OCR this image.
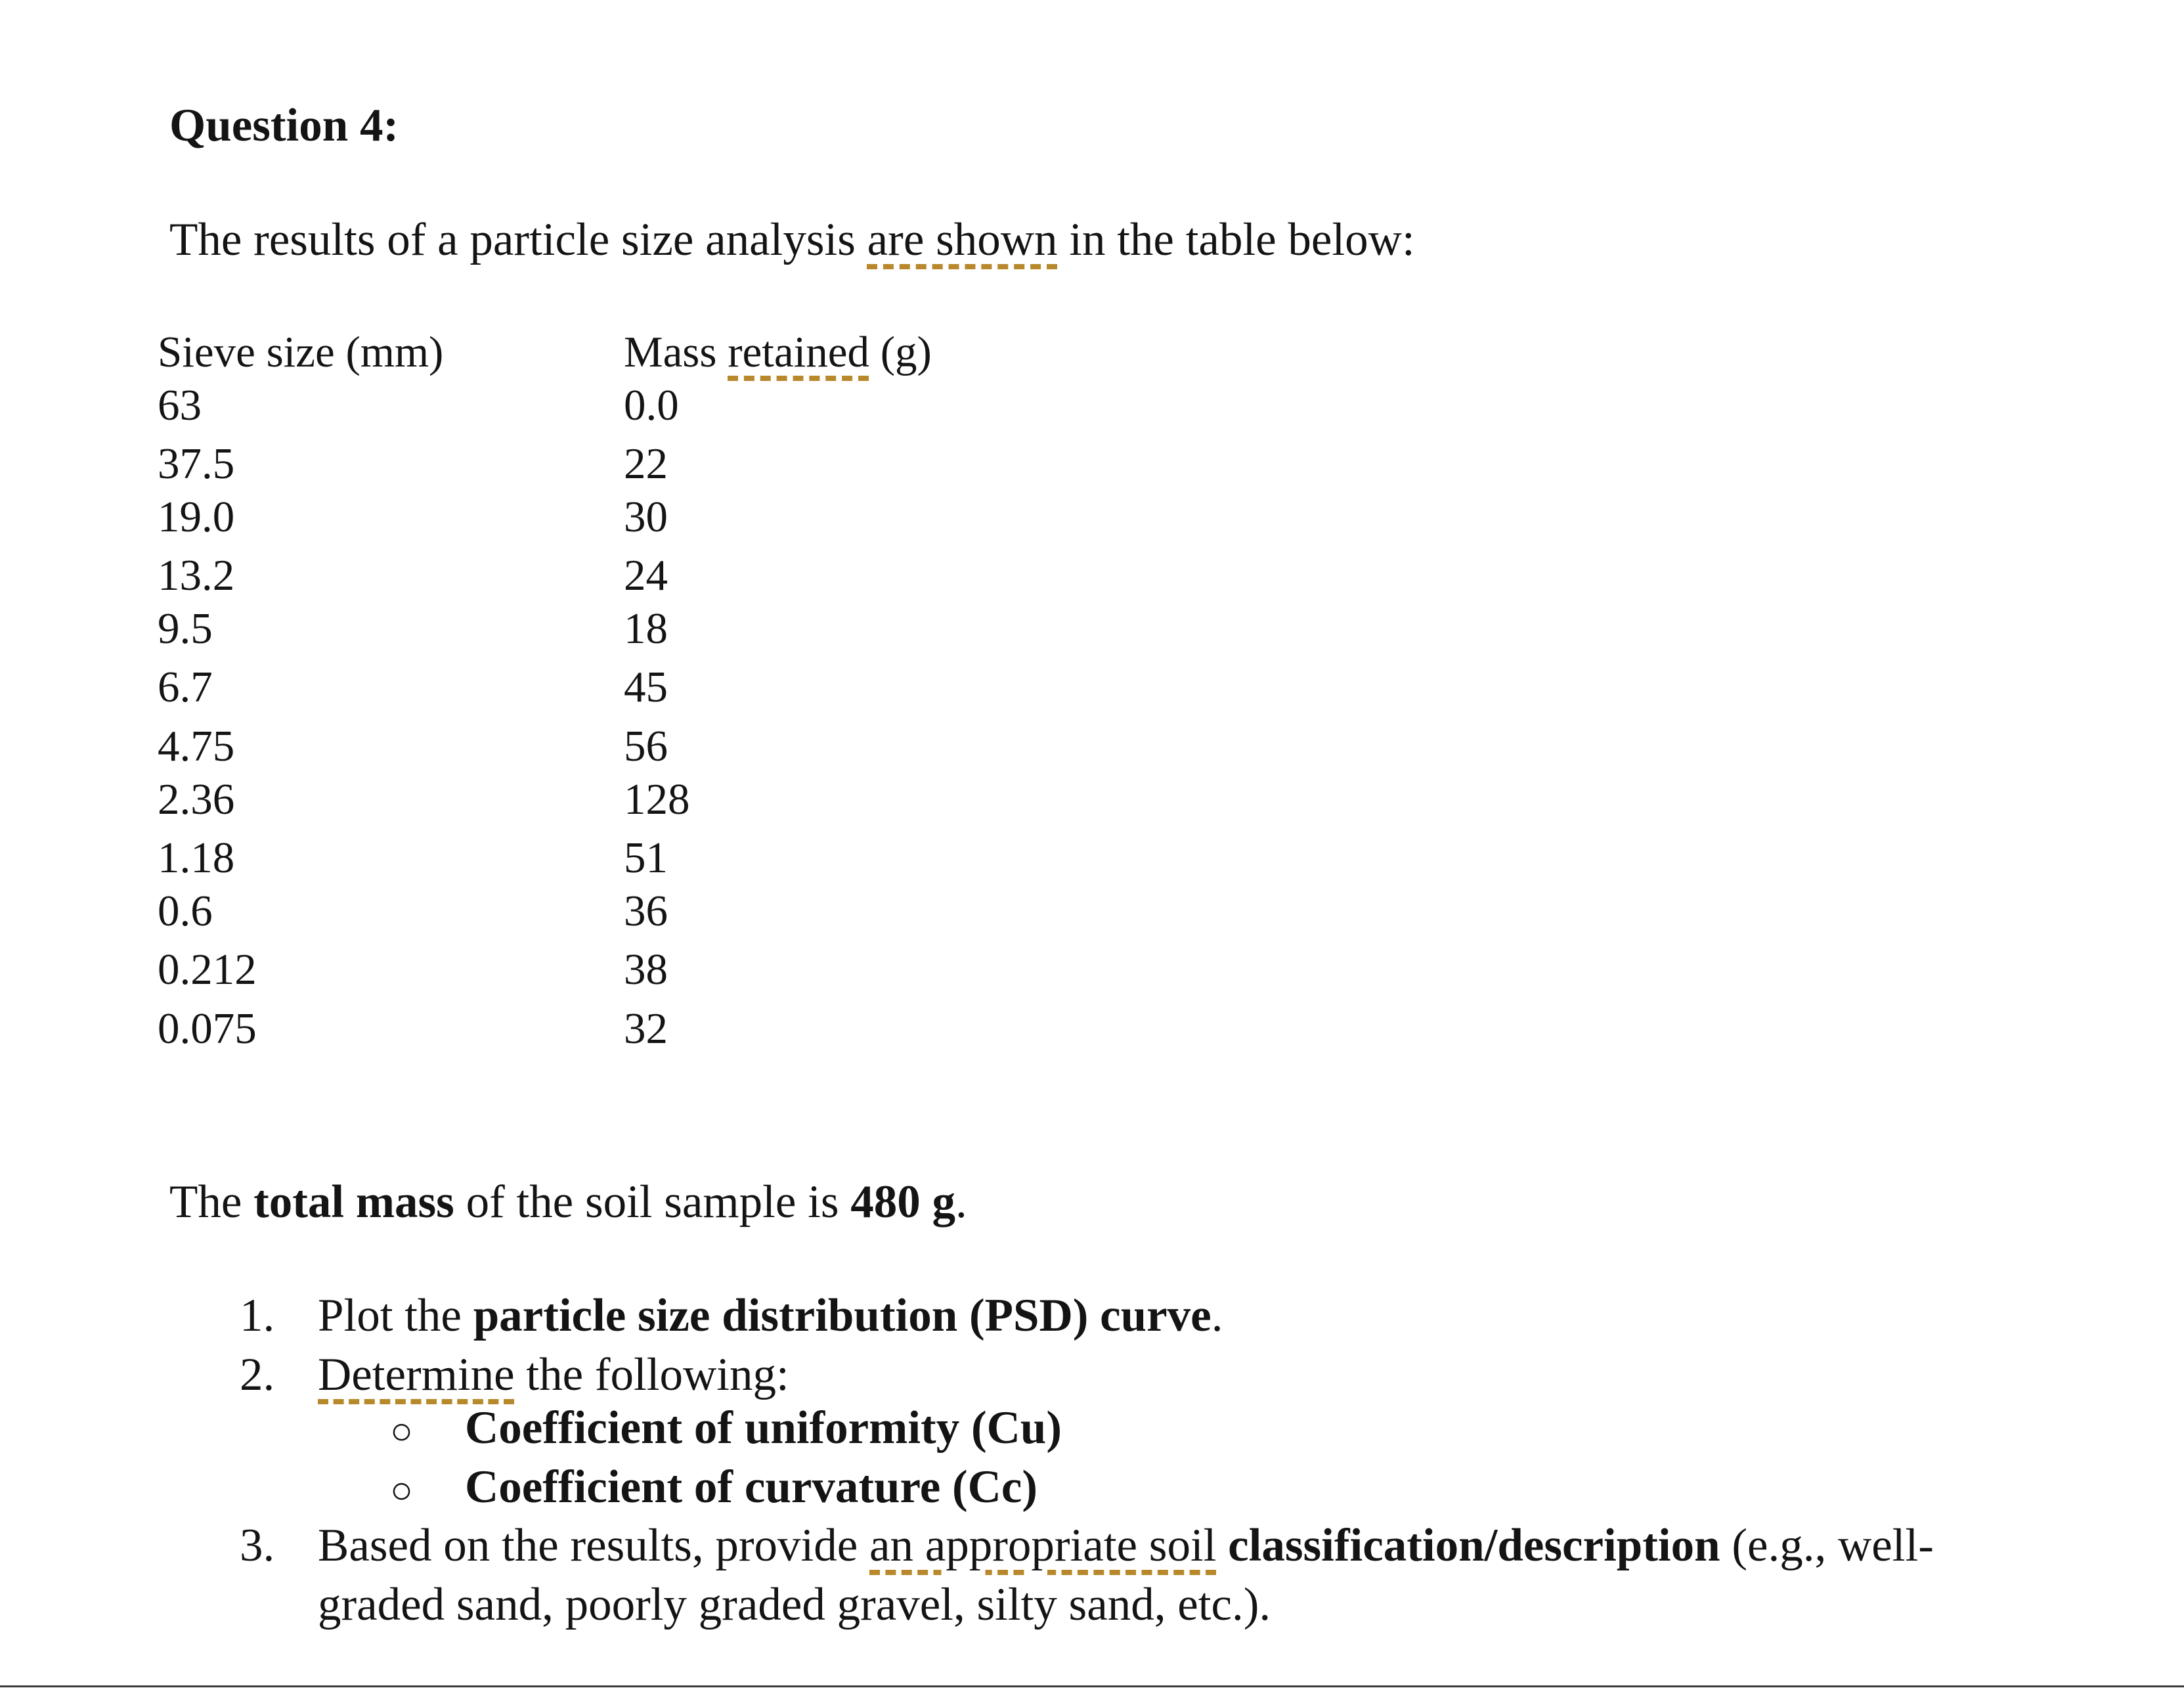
Question 4:
The results of a particle size analysis are shown in the table below:
Sieve size (mm)	Mass retained (g)
63	0.0
37.5	22
19.0	30
13.2	24
9.5	18
6.7	45
4.75	56
2.36	128
1.18	51
0.6	36
0.212	38
0.075	32
The total mass of the soil sample is 480 g.
1. Plot the particle size distribution (PSD) curve.
2. Determine the following:
○ Coefficient of uniformity (Cu)
○ Coefficient of curvature (Cc)
3. Based on the results, provide an appropriate soil classification/description (e.g., well-
graded sand, poorly graded gravel, silty sand, etc.).
